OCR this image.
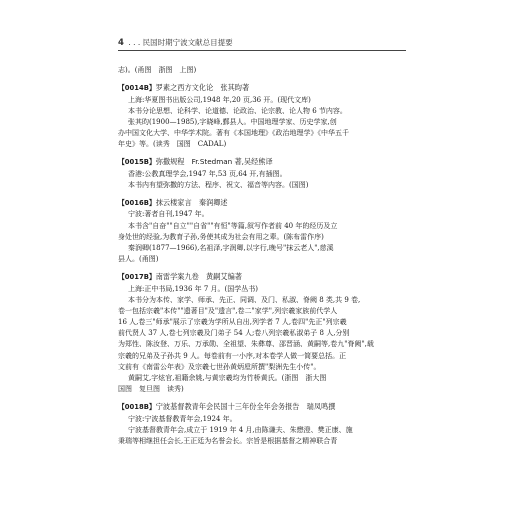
4 . . . 民国时期宁波文献总目提要
志)。(甬图　浙图　上图)
【0014B】罗素之西方文化论　张其昀著
上海:华夏图书出版公司,1948 年,20 页,36 开。(现代文库)
本书分论思想、论科学、论道德、论政治、论宗教、论人物 6 节内容。
张其昀(1900—1985),字晓峰,鄞县人。中国地理学家、历史学家,创
办中国文化大学、中华学术院。著有《本国地理》《政治地理学》《中华五千
年史》等。(读秀　国图　CADAL)
【0015B】弥撒规程　Fr.Stedman 著,吴经熊译
香港:公教真理学会,1947 年,53 页,64 开,有插图。
本书内有望弥撒的方法、程序、祝文、福音等内容。(国图)
【0016B】抹云楼家言　秦润卿述
宁波:著者自刊,1947 年。
本书含"自奋""自立""自省""有恒"等篇,叙写作者前 40 年的经历及立
身处世的经验,为教育子孙,务使其成为社会有用之辈。(陈布雷作序)
秦润卿(1877—1966),名祖泽,字润卿,以字行,晚号"抹云老人",慈溪
县人。(甬图)
【0017B】南雷学案九卷　黄嗣艾编著
上海:正中书局,1936 年 7 月。(国学丛书)
本书分为本传、家学、师承、先正、同调、及门、私淑、脊阙 8 类,共 9 卷,
卷一包括宗羲"本传""遗著目"及"遗言",卷二"家学",列宗羲家族前代学人
16 人,卷三"师承"展示了宗羲为学所从自出,列学者 7 人,卷四"先正"列宗羲
前代贤人 37 人,卷七列宗羲及门弟子 54 人;卷八列宗羲私淑弟子 8 人,分别
为郑性、陈汝登、万乐、万承勋、全祖望、朱彝尊、邵晋涵、黄嗣等,卷九"脊阙",载
宗羲的兄弟及子孙共 9 人。每卷前有一小序,对本卷学人做一简要总括。正
文前有《南雷公年表》及宗羲七世孙黄炳垕所撰"梨洲先生小传"。
黄嗣艾,字炫官,祖籍余姚,与黄宗羲均为竹桥黄氏。(浙图　浙大图
国图　复旦图　读秀)
【0018B】宁波基督教青年会民国十三年份全年会务报告　瑞凤鸣撰
宁波:宁波基督教青年会,1924 年。
宁波基督教青年会,成立于 1919 年 4 月,由陈谦夫、朱懋澄、樊正康、施
秉瑞等相继担任会长,王正廷为名誉会长。宗旨是根据基督之精神联合青
